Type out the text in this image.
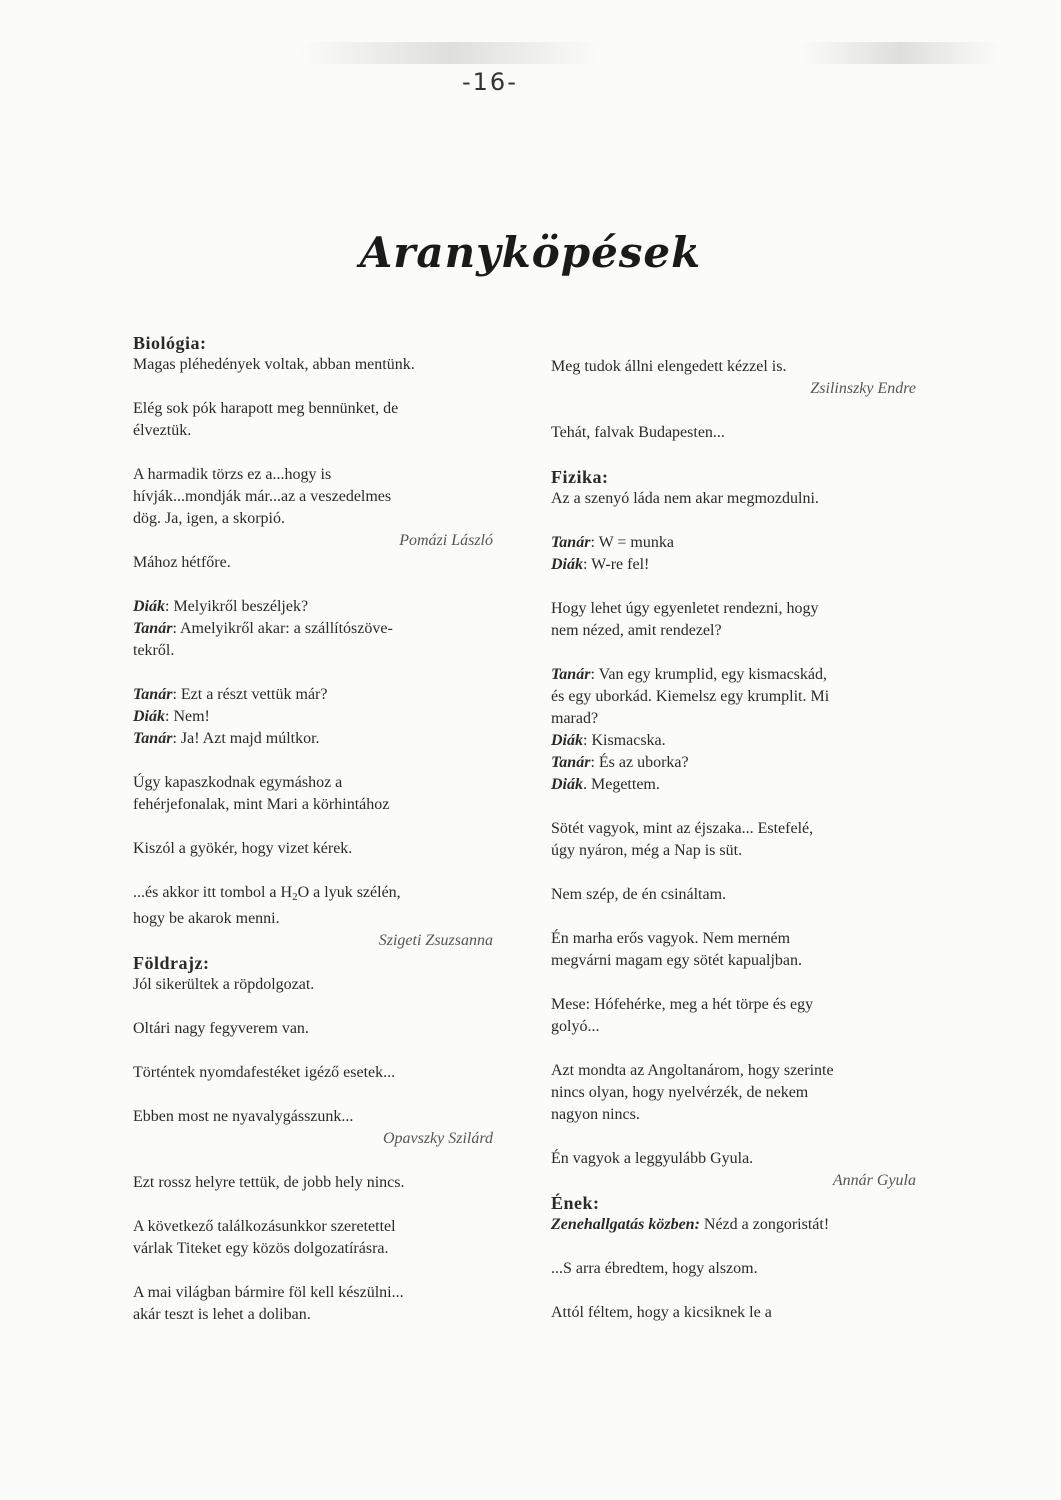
-16-
Aranyköpések
Biológia:
Magas pléhedények voltak, abban mentünk.
Elég sok pók harapott meg bennünket, de
élveztük.
A harmadik törzs ez a...hogy is
hívják...mondják már...az a veszedelmes
dög. Ja, igen, a skorpió.
Pomázi László
Mához hétfőre.
Diák: Melyikről beszéljek?
Tanár: Amelyikről akar: a szállítószöve-
tekről.
Tanár: Ezt a részt vettük már?
Diák: Nem!
Tanár: Ja! Azt majd múltkor.
Úgy kapaszkodnak egymáshoz a
fehérjefonalak, mint Mari a körhintához
Kiszól a gyökér, hogy vizet kérek.
...és akkor itt tombol a $H_2O$ a lyuk szélén,
hogy be akarok menni.
Szigeti Zsuzsanna
Földrajz:
Jól sikerültek a röpdolgozat.
Oltári nagy fegyverem van.
Történtek nyomdafestéket igéző esetek...
Ebben most ne nyavalygásszunk...
Opavszky Szilárd
Ezt rossz helyre tettük, de jobb hely nincs.
A következő találkozásunkkor szeretettel
várlak Titeket egy közös dolgozatírásra.
A mai világban bármire föl kell készülni...
akár teszt is lehet a doliban.
Meg tudok állni elengedett kézzel is.
Zsilinszky Endre
Tehát, falvak Budapesten...
Fizika:
Az a szenyó láda nem akar megmozdulni.
Tanár: W = munka
Diák: W-re fel!
Hogy lehet úgy egyenletet rendezni, hogy
nem nézed, amit rendezel?
Tanár: Van egy krumplid, egy kismacskád,
és egy uborkád. Kiemelsz egy krumplit. Mi
marad?
Diák: Kismacska.
Tanár: És az uborka?
Diák. Megettem.
Sötét vagyok, mint az éjszaka... Estefelé,
úgy nyáron, még a Nap is süt.
Nem szép, de én csináltam.
Én marha erős vagyok. Nem merném
megvárni magam egy sötét kapualjban.
Mese: Hófehérke, meg a hét törpe és egy
golyó...
Azt mondta az Angoltanárom, hogy szerinte
nincs olyan, hogy nyelvérzék, de nekem
nagyon nincs.
Én vagyok a leggyulább Gyula.
Annár Gyula
Ének:
Zenehallgatás közben: Nézd a zongoristát!
...S arra ébredtem, hogy alszom.
Attól féltem, hogy a kicsiknek le a
